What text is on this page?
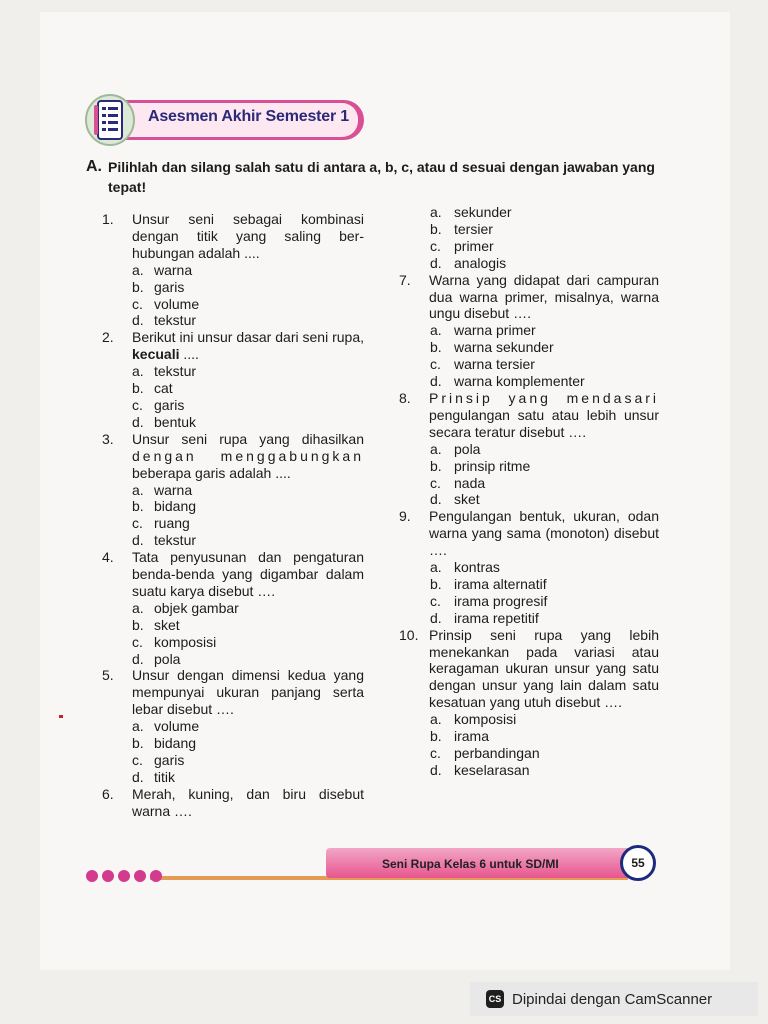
Asesmen Akhir Semester 1
A. Pilihlah dan silang salah satu di antara a, b, c, atau d sesuai dengan jawaban yang tepat!
1. Unsur seni sebagai kombinasi dengan titik yang saling ber-hubungan adalah ....
a. warna
b. garis
c. volume
d. tekstur
2. Berikut ini unsur dasar dari seni rupa, kecuali ....
a. tekstur
b. cat
c. garis
d. bentuk
3. Unsur seni rupa yang dihasilkan dengan menggabungkan beberapa garis adalah ....
a. warna
b. bidang
c. ruang
d. tekstur
4. Tata penyusunan dan pengaturan benda-benda yang digambar dalam suatu karya disebut ….
a. objek gambar
b. sket
c. komposisi
d. pola
5. Unsur dengan dimensi kedua yang mempunyai ukuran panjang serta lebar disebut ….
a. volume
b. bidang
c. garis
d. titik
6. Merah, kuning, dan biru disebut warna ….
a. sekunder
b. tersier
c. primer
d. analogis
7. Warna yang didapat dari campuran dua warna primer, misalnya, warna ungu disebut ….
a. warna primer
b. warna sekunder
c. warna tersier
d. warna komplementer
8. Prinsip yang mendasari pengulangan satu atau lebih unsur secara teratur disebut ….
a. pola
b. prinsip ritme
c. nada
d. sket
9. Pengulangan bentuk, ukuran, odan warna yang sama (monoton) disebut ….
a. kontras
b. irama alternatif
c. irama progresif
d. irama repetitif
10. Prinsip seni rupa yang lebih menekankan pada variasi atau keragaman ukuran unsur yang satu dengan unsur yang lain dalam satu kesatuan yang utuh disebut ….
a. komposisi
b. irama
c. perbandingan
d. keselarasan
Seni Rupa Kelas 6 untuk SD/MI	55
CS Dipindai dengan CamScanner
